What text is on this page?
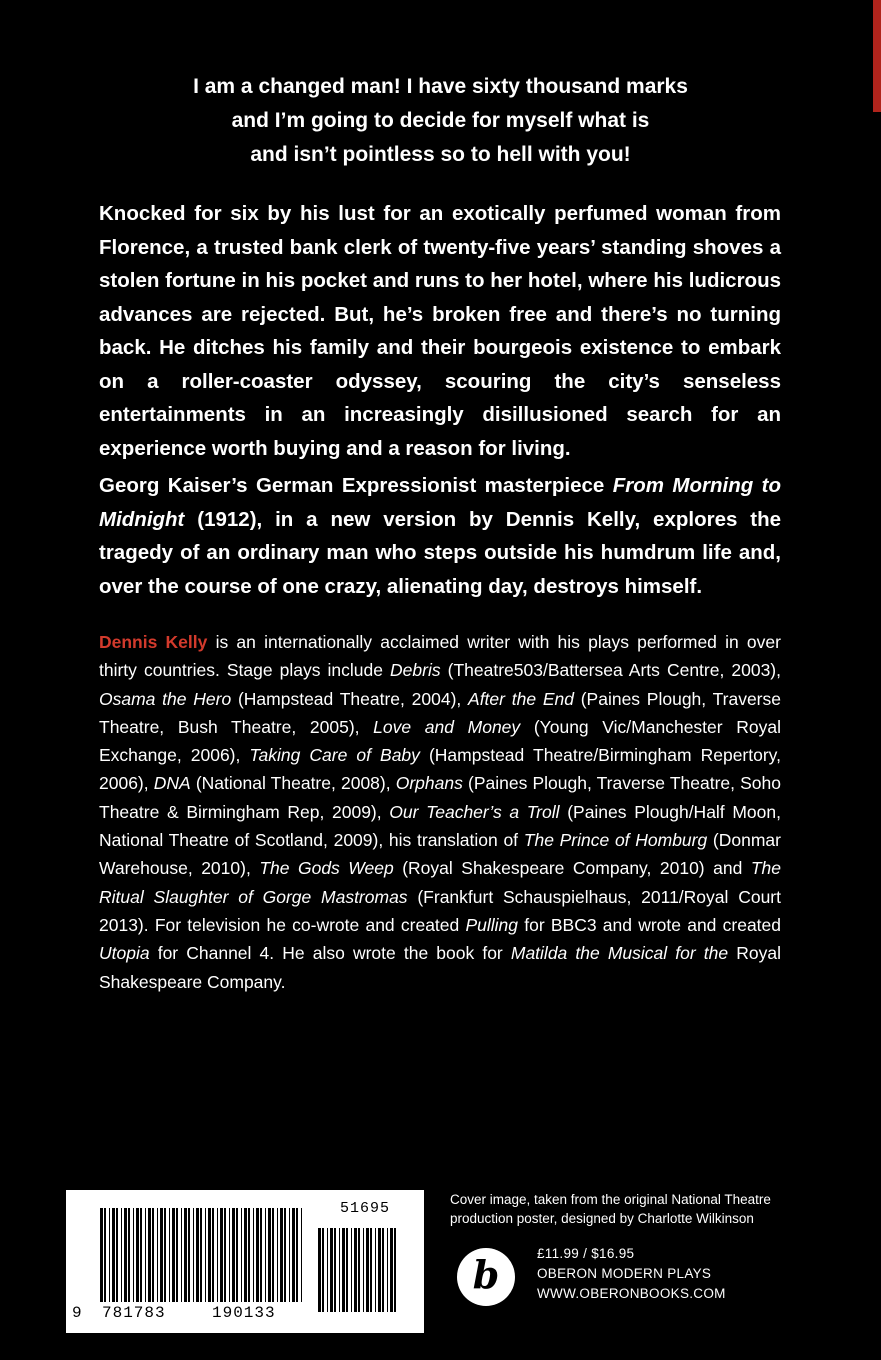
I am a changed man! I have sixty thousand marks
and I’m going to decide for myself what is
and isn’t pointless so to hell with you!

Knocked for six by his lust for an exotically perfumed woman from Florence, a trusted bank clerk of twenty-five years’ standing shoves a stolen fortune in his pocket and runs to her hotel, where his ludicrous advances are rejected. But, he’s broken free and there’s no turning back. He ditches his family and their bourgeois existence to embark on a roller-coaster odyssey, scouring the city’s senseless entertainments in an increasingly disillusioned search for an experience worth buying and a reason for living.

Georg Kaiser’s German Expressionist masterpiece From Morning to Midnight (1912), in a new version by Dennis Kelly, explores the tragedy of an ordinary man who steps outside his humdrum life and, over the course of one crazy, alienating day, destroys himself.

Dennis Kelly is an internationally acclaimed writer with his plays performed in over thirty countries. Stage plays include Debris (Theatre503/Battersea Arts Centre, 2003), Osama the Hero (Hampstead Theatre, 2004), After the End (Paines Plough, Traverse Theatre, Bush Theatre, 2005), Love and Money (Young Vic/Manchester Royal Exchange, 2006), Taking Care of Baby (Hampstead Theatre/Birmingham Repertory, 2006), DNA (National Theatre, 2008), Orphans (Paines Plough, Traverse Theatre, Soho Theatre & Birmingham Rep, 2009), Our Teacher’s a Troll (Paines Plough/Half Moon, National Theatre of Scotland, 2009), his translation of The Prince of Homburg (Donmar Warehouse, 2010), The Gods Weep (Royal Shakespeare Company, 2010) and The Ritual Slaughter of Gorge Mastromas (Frankfurt Schauspielhaus, 2011/Royal Court 2013). For television he co-wrote and created Pulling for BBC3 and wrote and created Utopia for Channel 4. He also wrote the book for Matilda the Musical for the Royal Shakespeare Company.

9 781783	190133
51695
Cover image, taken from the original National Theatre
production poster, designed by Charlotte Wilkinson
b	£11.99 / $16.95
OBERON MODERN PLAYS
WWW.OBERONBOOKS.COM
